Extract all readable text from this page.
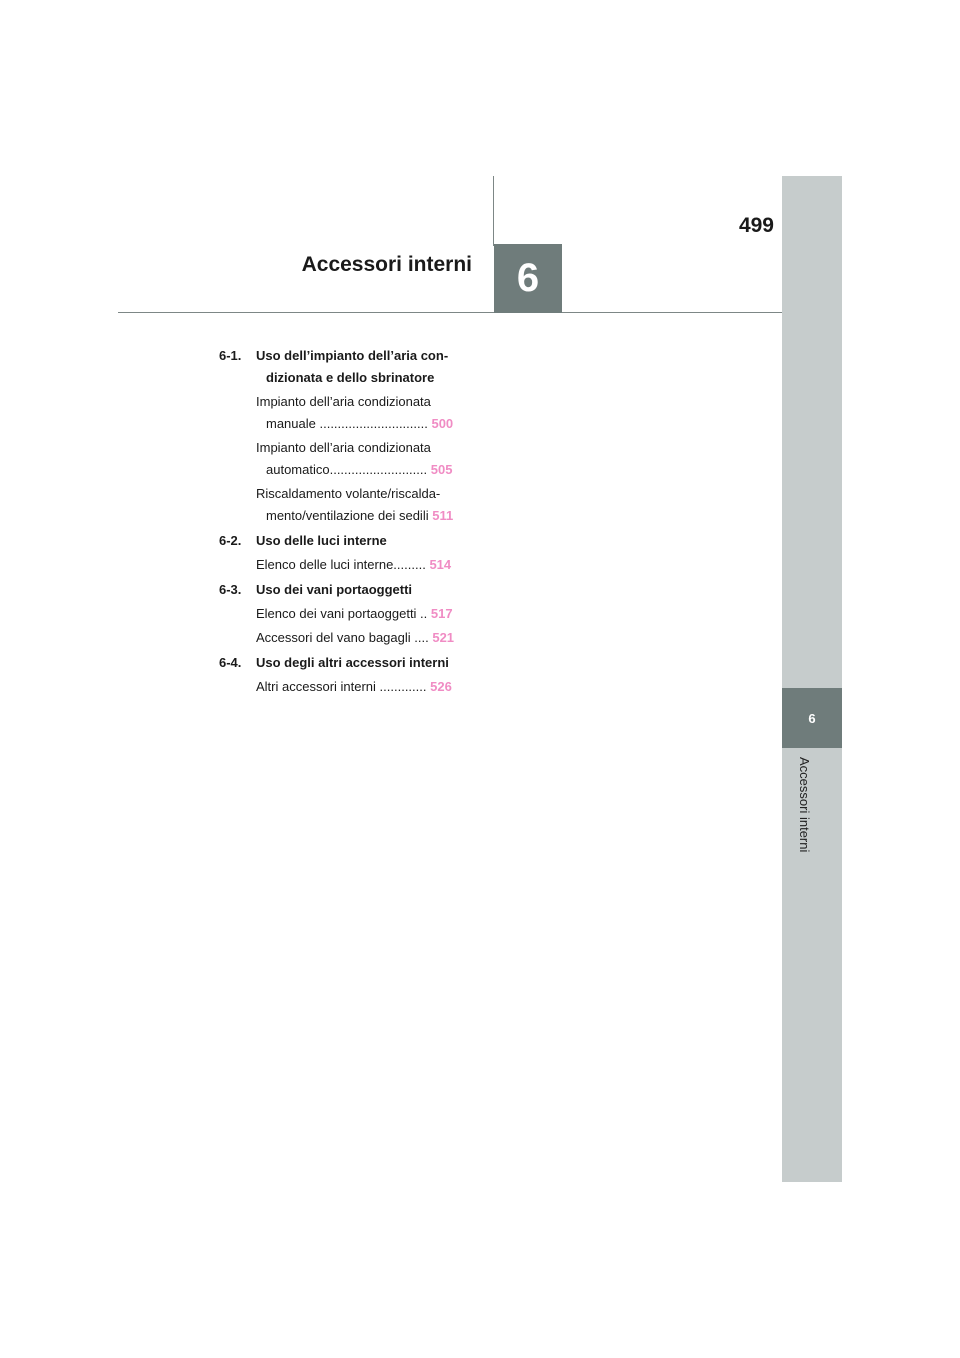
6
Accessori interni
499
Accessori interni	6
6-1.	Uso dell’impianto dell’aria con-
dizionata e dello sbrinatore
Impianto dell’aria condizionata
manuale .............................. 500
Impianto dell’aria condizionata
automatico........................... 505
Riscaldamento volante/riscalda-
mento/ventilazione dei sedili 511
6-2.	Uso delle luci interne
Elenco delle luci interne......... 514
6-3.	Uso dei vani portaoggetti
Elenco dei vani portaoggetti .. 517
Accessori del vano bagagli .... 521
6-4.	Uso degli altri accessori interni
Altri accessori interni ............. 526
